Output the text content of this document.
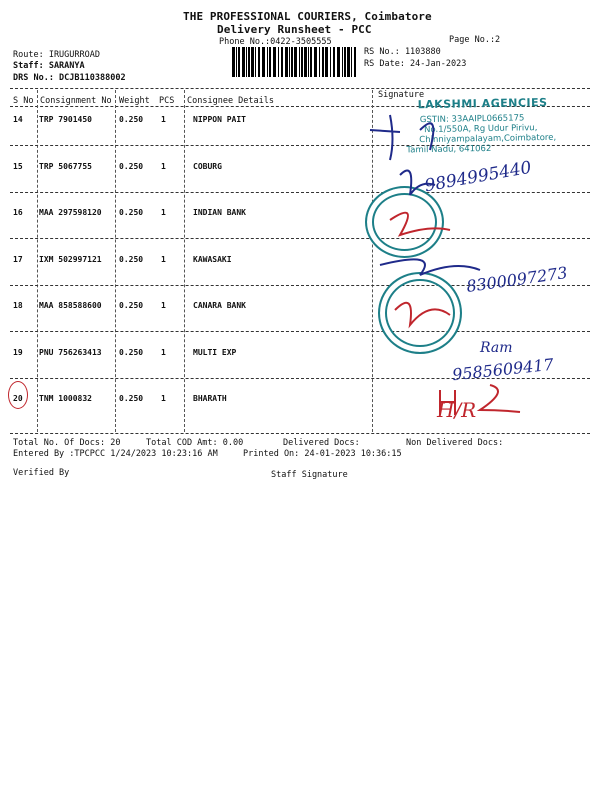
THE PROFESSIONAL COURIERS, Coimbatore
Delivery Runsheet - PCC
Phone No.:0422-3505555	Page No.:2
Route: IRUGURROAD
Staff: SARANYA
DRS No.: DCJB110388002
RS No.: 1103880
RS Date: 24-Jan-2023
S No Consignment No Weight PCS Consignee Details
Signature
14 TRP 7901450	0.250 1	NIPPON PAIT
15 TRP 5067755	0.250 1	COBURG
16 MAA 297598120 0.250 1	INDIAN BANK
17 IXM 502997121 0.250 1	KAWASAKI
18 MAA 858588600 0.250 1	CANARA BANK
19 PNU 756263413 0.250 1	MULTI EXP
20 TNM 1000832	0.250 1	BHARATH
LAKSHMI AGENCIES
GSTIN: 33AAIPL0665175
No.1/550A, Rg Udur Pirivu,
Chinniyampalayam,Coimbatore,
Tamil Nadu, 641062
9894995440
8300097273
Ram
9585609417
H/R
Total No. Of Docs: 20	Total COD Amt: 0.00	Delivered Docs:	Non Delivered Docs:
Entered By :TPCPCC 1/24/2023 10:23:16 AM	Printed On: 24-01-2023 10:36:15
Verified By	Staff Signature
